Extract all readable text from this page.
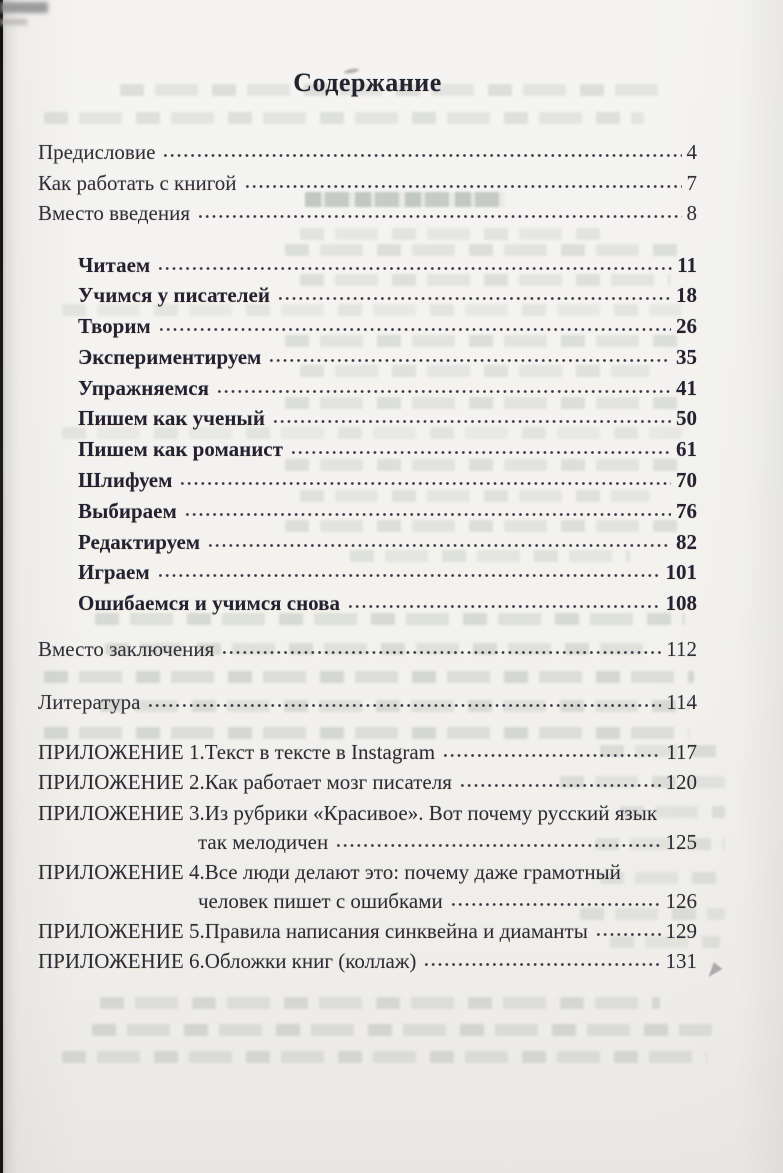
Содержание
Предисловие	4
Как работать с книгой	7
Вместо введения	8
Читаем	11
Учимся у писателей	18
Творим	26
Экспериментируем	35
Упражняемся	41
Пишем как ученый	50
Пишем как романист	61
Шлифуем	70
Выбираем	76
Редактируем	82
Играем	101
Ошибаемся и учимся снова	108
Вместо заключения	112
Литература	114
ПРИЛОЖЕНИЕ 1. Текст в тексте в Instagram	117
ПРИЛОЖЕНИЕ 2. Как работает мозг писателя	120
ПРИЛОЖЕНИЕ 3. Из рубрики «Красивое». Вот почему русский язык
так мелодичен	125
ПРИЛОЖЕНИЕ 4. Все люди делают это: почему даже грамотный
человек пишет с ошибками	126
ПРИЛОЖЕНИЕ 5. Правила написания синквейна и диаманты	129
ПРИЛОЖЕНИЕ 6. Обложки книг (коллаж)	131
